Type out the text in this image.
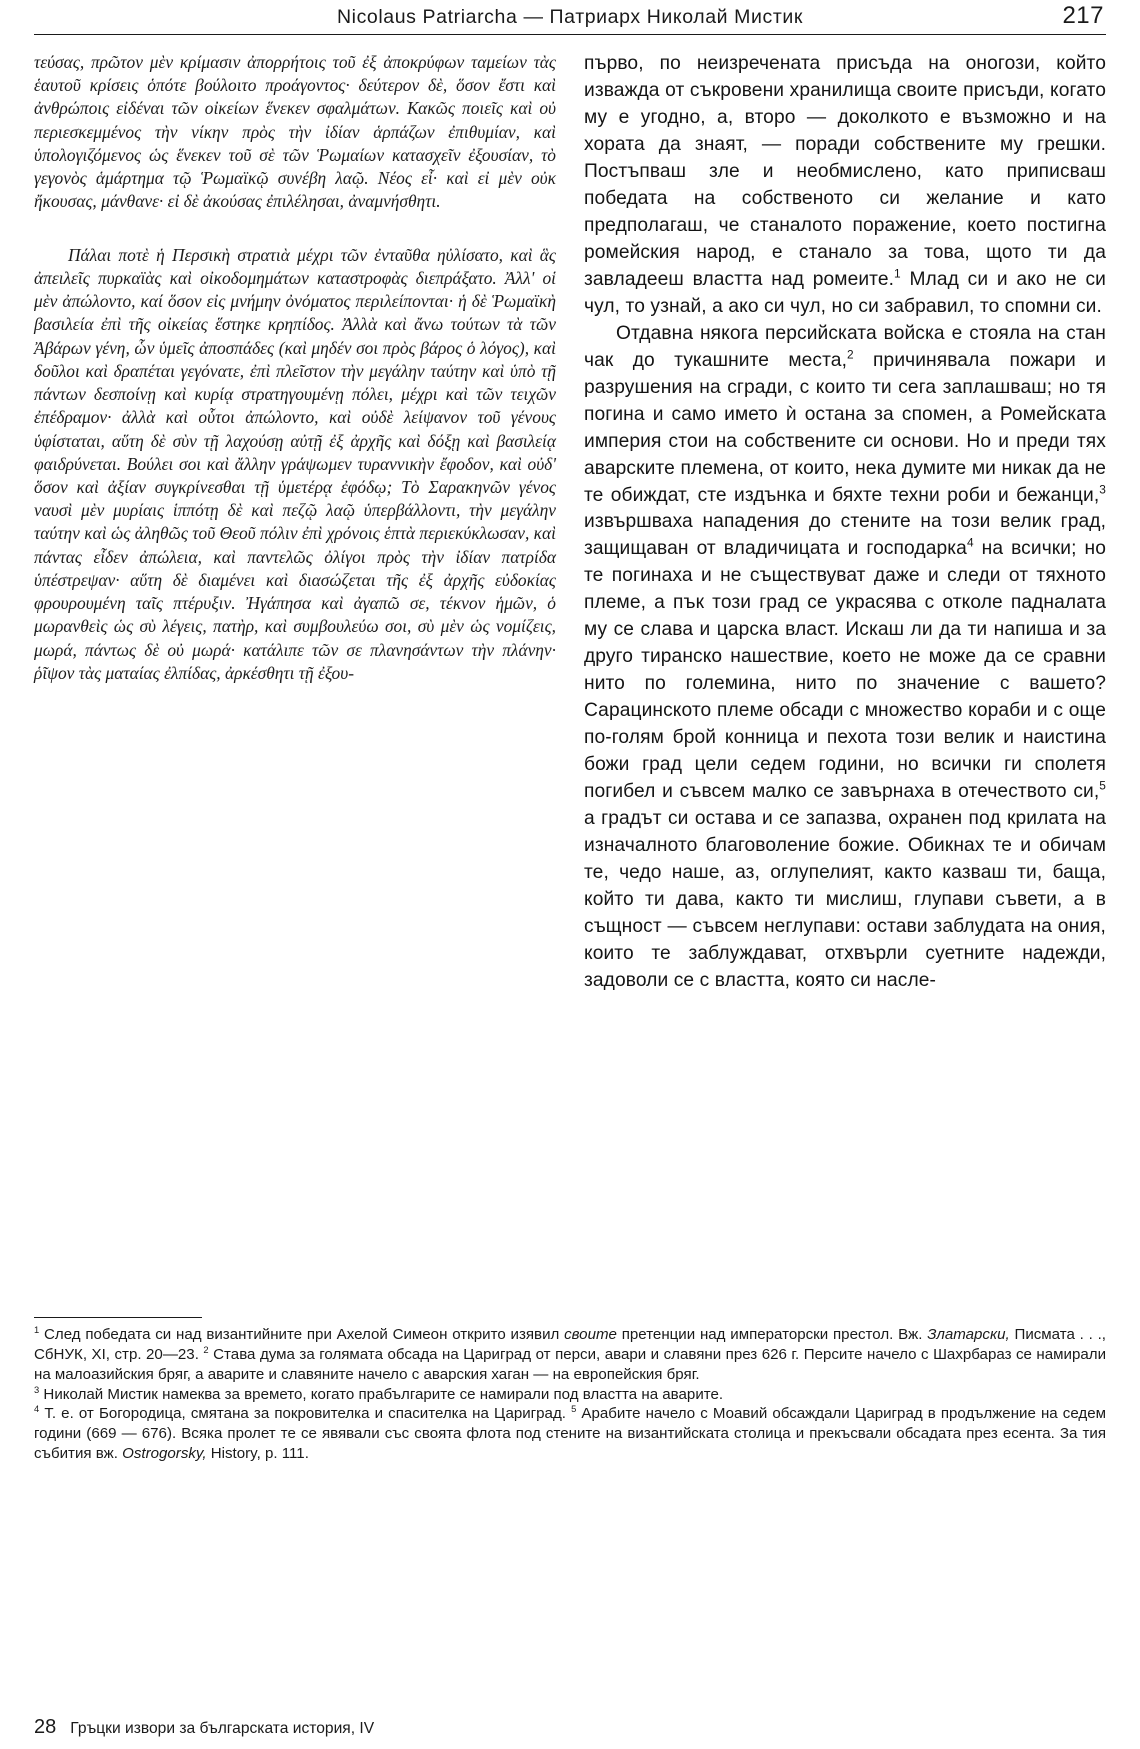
Nicolaus Patriarcha — Патриарх Николай Мистик	217

τεύσας, πρῶτον μὲν κρίμασιν ἀπορρήτοις τοῦ ἐξ ἀποκρύφων ταμείων τὰς ἑαυτοῦ κρίσεις ὁπότε βούλοιτο προάγοντος· δεύτερον δὲ, ὅσον ἔστι καὶ ἀνθρώποις εἰδέναι τῶν οἰκείων ἕνεκεν σφαλμάτων. Κακῶς ποιεῖς καὶ οὐ περιεσκεμμένος τὴν νίκην πρὸς τὴν ἰδίαν ἁρπάζων ἐπιθυμίαν, καὶ ὑπολογιζόμενος ὡς ἕνεκεν τοῦ σὲ τῶν Ῥωμαίων κατασχεῖν ἐξουσίαν, τὸ γεγονὸς ἁμάρτημα τῷ Ῥωμαϊκῷ συνέβη λαῷ. Νέος εἶ· καὶ εἰ μὲν οὐκ ἤκουσας, μάνθανε· εἰ δὲ ἀκούσας ἐπιλέλησαι, ἀναμνήσθητι.

Πάλαι ποτὲ ἡ Περσικὴ στρατιὰ μέχρι τῶν ἐνταῦθα ηὐλίσατο, καὶ ἃς ἀπειλεῖς πυρκαϊὰς καὶ οἰκοδομημάτων καταστροφὰς διεπράξατο. Ἀλλ' οἱ μὲν ἀπώλοντο, καί ὅσον εἰς μνήμην ὀνόματος περιλείπονται· ἡ δὲ Ῥωμαϊκὴ βασιλεία ἐπὶ τῆς οἰκείας ἕστηκε κρηπίδος. Ἀλλὰ καὶ ἄνω τούτων τὰ τῶν Ἀβάρων γένη, ὧν ὑμεῖς ἀποσπάδες (καὶ μηδέν σοι πρὸς βάρος ὁ λόγος), καὶ δοῦλοι καὶ δραπέται γεγόνατε, ἐπὶ πλεῖστον τὴν μεγάλην ταύτην καὶ ὑπὸ τῇ πάντων δεσποίνῃ καὶ κυρίᾳ στρατηγουμένῃ πόλει, μέχρι καὶ τῶν τειχῶν ἐπέδραμον· ἀλλὰ καὶ οὗτοι ἀπώλοντο, καὶ οὐδὲ λείψανον τοῦ γένους ὑφίσταται, αὕτη δὲ σὺν τῇ λαχούσῃ αὐτῇ ἐξ ἀρχῆς καὶ δόξῃ καὶ βασιλείᾳ φαιδρύνεται. Βούλει σοι καὶ ἄλλην γράψωμεν τυραννικὴν ἔφοδον, καὶ οὐδ' ὅσον καὶ ἀξίαν συγκρίνεσθαι τῇ ὑμετέρᾳ ἐφόδῳ; Τὸ Σαρακηνῶν γένος ναυσὶ μὲν μυρίαις ἱππότῃ δὲ καὶ πεζῷ λαῷ ὑπερβάλλοντι, τὴν μεγάλην ταύτην καὶ ὡς ἀληθῶς τοῦ Θεοῦ πόλιν ἐπὶ χρόνοις ἑπτὰ περιεκύκλωσαν, καὶ πάντας εἶδεν ἀπώλεια, καὶ παντελῶς ὀλίγοι πρὸς τὴν ἰδίαν πατρίδα ὑπέστρεψαν· αὕτη δὲ διαμένει καὶ διασώζεται τῆς ἐξ ἀρχῆς εὐδοκίας φρουρουμένη ταῖς πτέρυξιν. Ἠγάπησα καὶ ἀγαπῶ σε, τέκνον ἡμῶν, ὁ μωρανθεὶς ὡς σὺ λέγεις, πατὴρ, καὶ συμβουλεύω σοι, σὺ μὲν ὡς νομίζεις, μωρά, πάντως δὲ οὐ μωρά· κατάλιπε τῶν σε πλανησάντων τὴν πλάνην· ῥῖψον τὰς ματαίας ἐλπίδας, ἀρκέσθητι τῇ ἐξου-

първо, по неизречената присъда на оногози, който изважда от съкровени хранилища своите присъди, когато му е угодно, а, второ — доколкото е възможно и на хората да знаят, — поради собствените му грешки. Постъпваш зле и необмислено, като приписваш победата на собственото си желание и като предполагаш, че станалото поражение, което постигна ромейския народ, е станало за това, щото ти да завладееш властта над ромеите.$^1$ Млад си и ако не си чул, то узнай, а ако си чул, но си забравил, то спомни си.

Отдавна някога персийската войска е стояла на стан чак до тукашните места,$^2$ причинявала пожари и разрушения на сгради, с които ти сега заплашваш; но тя погина и само името ѝ остана за спомен, а Ромейската империя стои на собствените си основи. Но и преди тях аварските племена, от които, нека думите ми никак да не те обиждат, сте издънка и бяхте техни роби и бежанци,$^3$ извършваха нападения до стените на този велик град, защищаван от владичицата и господарка$^4$ на всички; но те погинаха и не съществуват даже и следи от тяхното племе, а пък този град се украсява с отколе падналата му се слава и царска власт. Искаш ли да ти напиша и за друго тиранско нашествие, което не може да се сравни нито по големина, нито по значение с вашето? Сарацинското племе обсади с множество кораби и с още по-голям брой конница и пехота този велик и наистина божи град цели седем години, но всички ги сполетя погибел и съвсем малко се завърнаха в отечеството си,$^5$ а градът си остава и се запазва, охранен под крилата на изначалното благоволение божие. Обикнах те и обичам те, чедо наше, аз, оглупелият, както казваш ти, баща, който ти дава, както ти мислиш, глупави съвети, а в същност — съвсем неглупави: остави заблудата на ония, които те заблуждават, отхвърли суетните надежди, задоволи се с властта, която си насле-

$^1$ След победата си над византийните при Ахелой Симеон открито изявил своите претенции над императорски престол. Вж. Златарски, Писмата . . ., СбНУК, XI, стр. 20—23. $^2$ Става дума за голямата обсада на Цариград от перси, авари и славяни през 626 г. Персите начело с Шахрбараз се намирали на малоазийския бряг, а аварите и славяните начело с аварския хаган — на европейския бряг.

$^3$ Николай Мистик намеква за времето, когато прабългарите се намирали под властта на аварите.

$^4$ Т. е. от Богородица, смятана за покровителка и спасителка на Цариград. $^5$ Арабите начело с Моавий обсаждали Цариград в продължение на седем години (669 — 676). Всяка пролет те се явявали със своята флота под стените на византийската столица и прекъсвали обсадата през есента. За тия събития вж. Ostrogorsky, History, p. 111.

28 Гръцки извори за българската история, IV
